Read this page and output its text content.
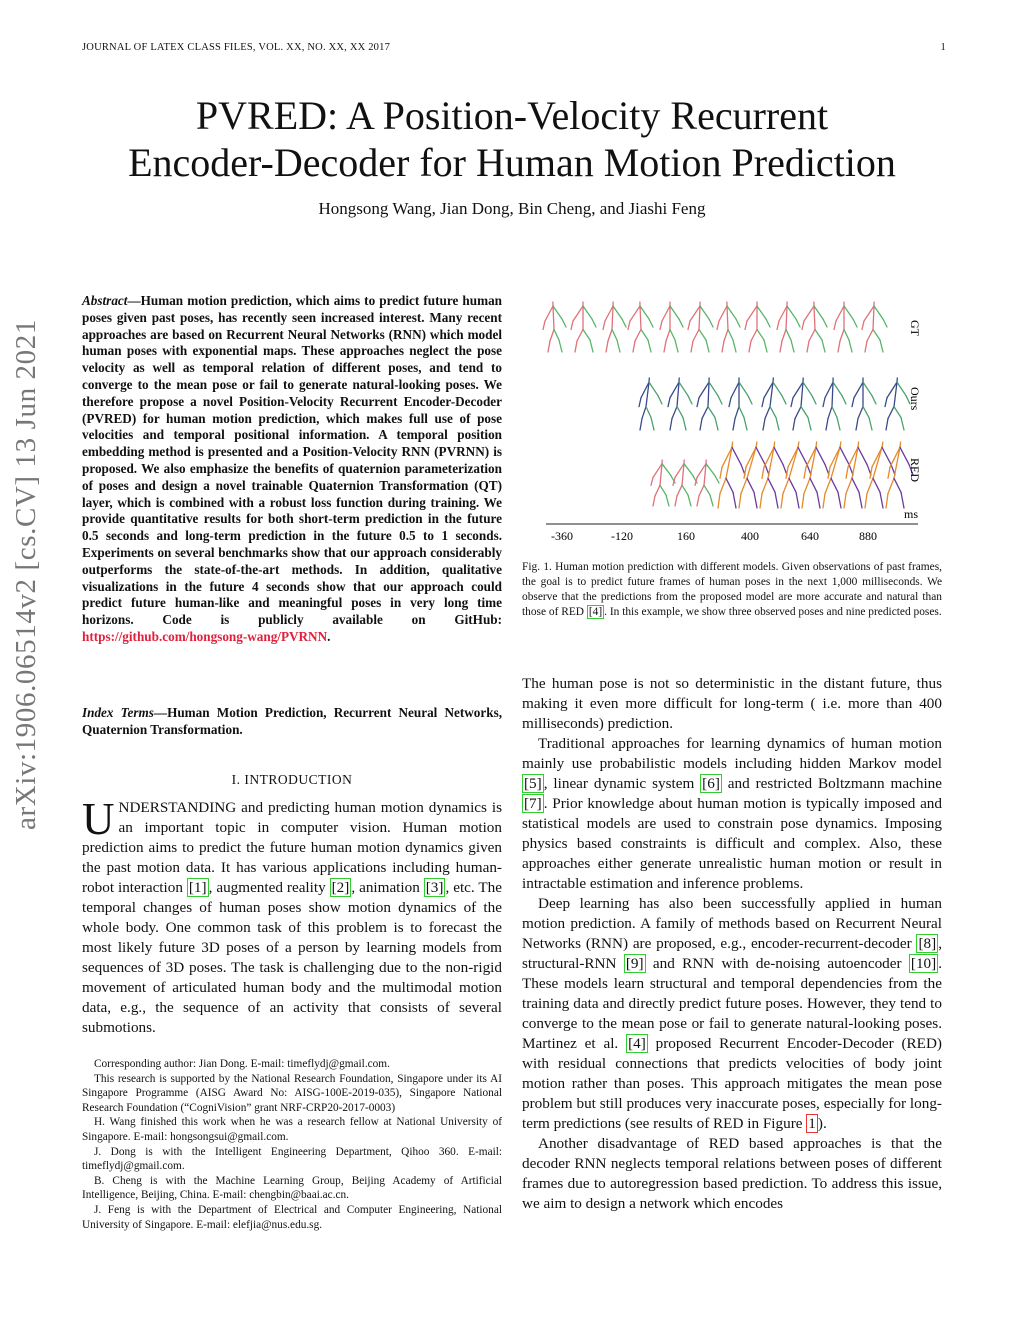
JOURNAL OF LATEX CLASS FILES, VOL. XX, NO. XX, XX 2017	1
PVRED: A Position-Velocity Recurrent
Encoder-Decoder for Human Motion Prediction
Hongsong Wang, Jian Dong, Bin Cheng, and Jiashi Feng
arXiv:1906.06514v2 [cs.CV] 13 Jun 2021
Abstract—Human motion prediction, which aims to predict future human poses given past poses, has recently seen increased interest. Many recent approaches are based on Recurrent Neural Networks (RNN) which model human poses with exponential maps. These approaches neglect the pose velocity as well as temporal relation of different poses, and tend to converge to the mean pose or fail to generate natural-looking poses. We therefore propose a novel Position-Velocity Recurrent Encoder-Decoder (PVRED) for human motion prediction, which makes full use of pose velocities and temporal positional information. A temporal position embedding method is presented and a Position-Velocity RNN (PVRNN) is proposed. We also emphasize the benefits of quaternion parameterization of poses and design a novel trainable Quaternion Transformation (QT) layer, which is combined with a robust loss function during training. We provide quantitative results for both short-term prediction in the future 0.5 seconds and long-term prediction in the future 0.5 to 1 seconds. Experiments on several benchmarks show that our approach considerably outperforms the state-of-the-art methods. In addition, qualitative visualizations in the future 4 seconds show that our approach could predict future human-like and meaningful poses in very long time horizons. Code is publicly available on GitHub: https://github.com/hongsong-wang/PVRNN.
Index Terms—Human Motion Prediction, Recurrent Neural Networks, Quaternion Transformation.
I. INTRODUCTION
UNDERSTANDING and predicting human motion dynamics is an important topic in computer vision. Human motion prediction aims to predict the future human motion dynamics given the past motion data. It has various applications including human-robot interaction [1] , augmented reality [2] , animation [3] , etc. The temporal changes of human poses show motion dynamics of the whole body. One common task of this problem is to forecast the most likely future 3D poses of a person by learning models from sequences of 3D poses. The task is challenging due to the non-rigid movement of articulated human body and the multimodal motion data, e.g., the sequence of an activity that consists of several submotions.

Corresponding author: Jian Dong. E-mail: timeflydj@gmail.com.

This research is supported by the National Research Foundation, Singapore under its AI Singapore Programme (AISG Award No: AISG-100E-2019-035), Singapore National Research Foundation (“CogniVision” grant NRF-CRP20-2017-0003)

H. Wang finished this work when he was a research fellow at National University of Singapore. E-mail: hongsongsui@gmail.com.

J. Dong is with the Intelligent Engineering Department, Qihoo 360. E-mail: timeflydj@gmail.com.

B. Cheng is with the Machine Learning Group, Beijing Academy of Artificial Intelligence, Beijing, China. E-mail: chengbin@baai.ac.cn.

J. Feng is with the Department of Electrical and Computer Engineering, National University of Singapore. E-mail: elefjia@nus.edu.sg.

GT
Ours
RED
ms
-360	-120	160	400	640	880
Fig. 1. Human motion prediction with different models. Given observations of past frames, the goal is to predict future frames of human poses in the next 1,000 milliseconds. We observe that the predictions from the proposed model are more accurate and natural than those of RED [4] . In this example, we show three observed poses and nine predicted poses.

The human pose is not so deterministic in the distant future, thus making it even more difficult for long-term ( i.e. more than 400 milliseconds) prediction.

Traditional approaches for learning dynamics of human motion mainly use probabilistic models including hidden Markov model [5] , linear dynamic system [6] and restricted Boltzmann machine [7] . Prior knowledge about human motion is typically imposed and statistical models are used to constrain pose dynamics. Imposing physics based constraints is difficult and complex. Also, these approaches either generate unrealistic human motion or result in intractable estimation and inference problems.

Deep learning has also been successfully applied in human motion prediction. A family of methods based on Recurrent Neural Networks (RNN) are proposed, e.g., encoder-recurrent-decoder [8] , structural-RNN [9] and RNN with de-noising autoencoder [10] . These models learn structural and temporal dependencies from the training data and directly predict future poses. However, they tend to converge to the mean pose or fail to generate natural-looking poses. Martinez et al. [4] proposed Recurrent Encoder-Decoder (RED) with residual connections that predicts velocities of body joint motion rather than poses. This approach mitigates the mean pose problem but still produces very inaccurate poses, especially for long-term predictions (see results of RED in Figure 1 ).

Another disadvantage of RED based approaches is that the decoder RNN neglects temporal relations between poses of different frames due to autoregression based prediction. To address this issue, we aim to design a network which encodes
